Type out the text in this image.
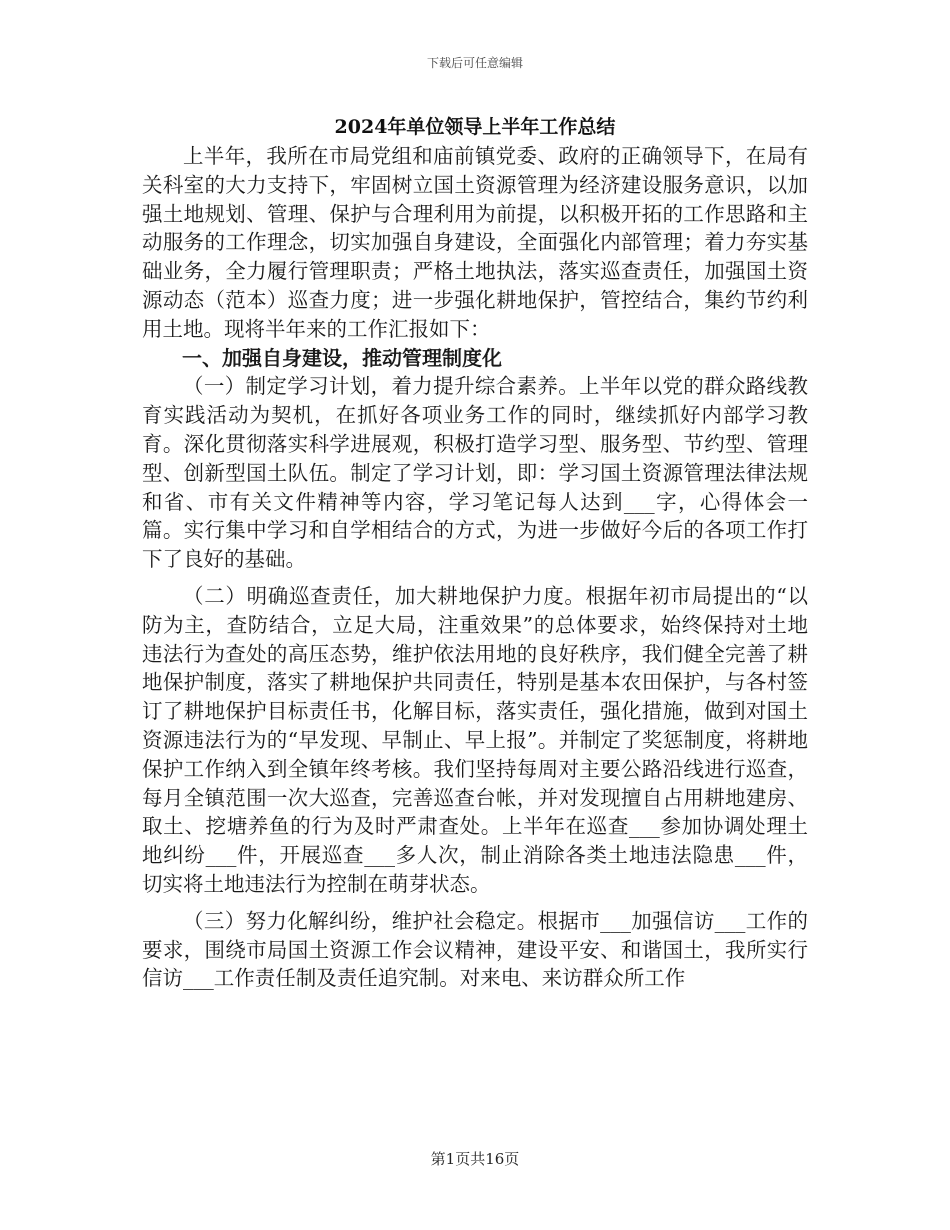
下载后可任意编辑
2024年单位领导上半年工作总结

上半年，我所在市局党组和庙前镇党委、政府的正确领导下，在局有关科室的大力支持下，牢固树立国土资源管理为经济建设服务意识，以加强土地规划、管理、保护与合理利用为前提，以积极开拓的工作思路和主动服务的工作理念，切实加强自身建设，全面强化内部管理；着力夯实基础业务，全力履行管理职责；严格土地执法，落实巡查责任，加强国土资源动态（范本）巡查力度；进一步强化耕地保护，管控结合，集约节约利用土地。现将半年来的工作汇报如下：

一、加强自身建设，推动管理制度化

（一）制定学习计划，着力提升综合素养。上半年以党的群众路线教育实践活动为契机，在抓好各项业务工作的同时，继续抓好内部学习教育。深化贯彻落实科学进展观，积极打造学习型、服务型、节约型、管理型、创新型国土队伍。制定了学习计划，即：学习国土资源管理法律法规和省、市有关文件精神等内容，学习笔记每人达到___字，心得体会一篇。实行集中学习和自学相结合的方式，为进一步做好今后的各项工作打下了良好的基础。

（二）明确巡查责任，加大耕地保护力度。根据年初市局提出的“以防为主，查防结合，立足大局，注重效果”的总体要求，始终保持对土地违法行为查处的高压态势，维护依法用地的良好秩序，我们健全完善了耕地保护制度，落实了耕地保护共同责任，特别是基本农田保护，与各村签订了耕地保护目标责任书，化解目标，落实责任，强化措施，做到对国土资源违法行为的“早发现、早制止、早上报”。并制定了奖惩制度，将耕地保护工作纳入到全镇年终考核。我们坚持每周对主要公路沿线进行巡查，每月全镇范围一次大巡查，完善巡查台帐，并对发现擅自占用耕地建房、取土、挖塘养鱼的行为及时严肃查处。上半年在巡查___参加协调处理土地纠纷___件，开展巡查___多人次，制止消除各类土地违法隐患___件，切实将土地违法行为控制在萌芽状态。

（三）努力化解纠纷，维护社会稳定。根据市___加强信访___工作的要求，围绕市局国土资源工作会议精神，建设平安、和谐国土，我所实行信访___工作责任制及责任追究制。对来电、来访群众所工作

第1页共16页
